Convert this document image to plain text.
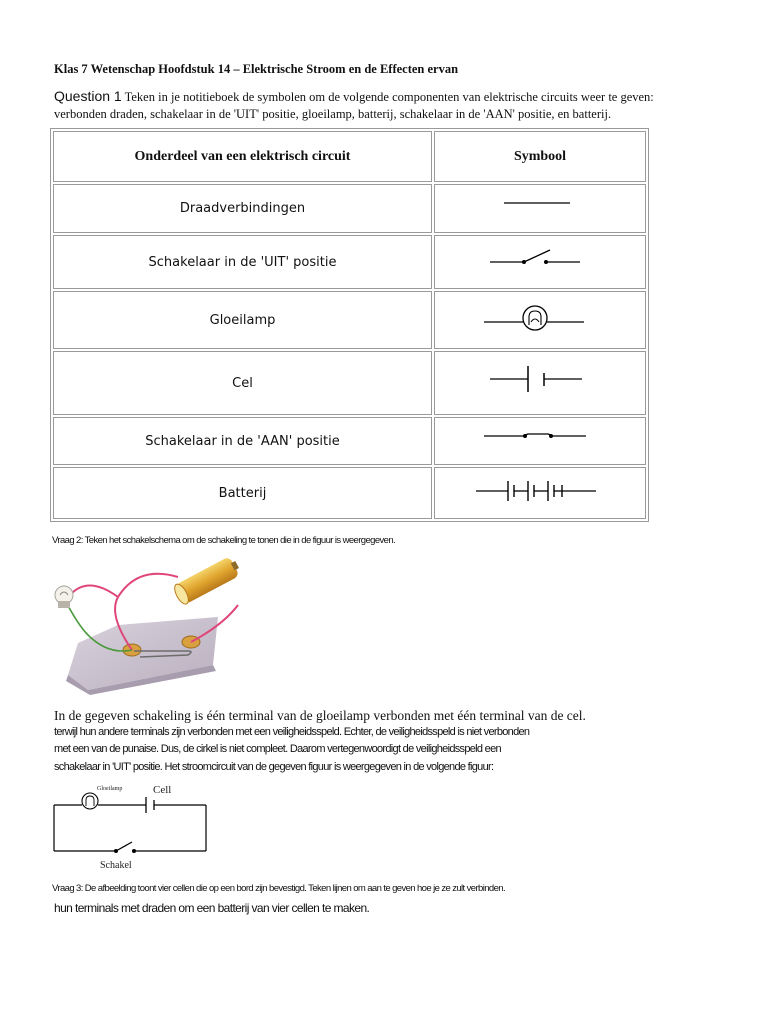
Klas 7 Wetenschap Hoofdstuk 14 – Elektrische Stroom en de Effecten ervan
Question 1 Teken in je notitieboek de symbolen om de volgende componenten van elektrische circuits weer te geven:
verbonden draden, schakelaar in de 'UIT' positie, gloeilamp, batterij, schakelaar in de 'AAN' positie, en batterij.
Onderdeel van een elektrisch circuit	Symbool
Draadverbindingen	
Schakelaar in de 'UIT' positie	
Gloeilamp	
Cel	
Schakelaar in de 'AAN' positie	
Batterij	
Vraag 2: Teken het schakelschema om de schakeling te tonen die in de figuur is weergegeven.
In de gegeven schakeling is één terminal van de gloeilamp verbonden met één terminal van de cel.
terwijl hun andere terminals zijn verbonden met een veiligheidsspeld. Echter, de veiligheidsspeld is niet verbonden
met een van de punaise. Dus, de cirkel is niet compleet. Daarom vertegenwoordigt de veiligheidsspeld een
schakelaar in 'UIT' positie. Het stroomcircuit van de gegeven figuur is weergegeven in de volgende figuur:
Gloeilamp	Cell
Schakel
Vraag 3: De afbeelding toont vier cellen die op een bord zijn bevestigd. Teken lijnen om aan te geven hoe je ze zult verbinden.
hun terminals met draden om een batterij van vier cellen te maken.
